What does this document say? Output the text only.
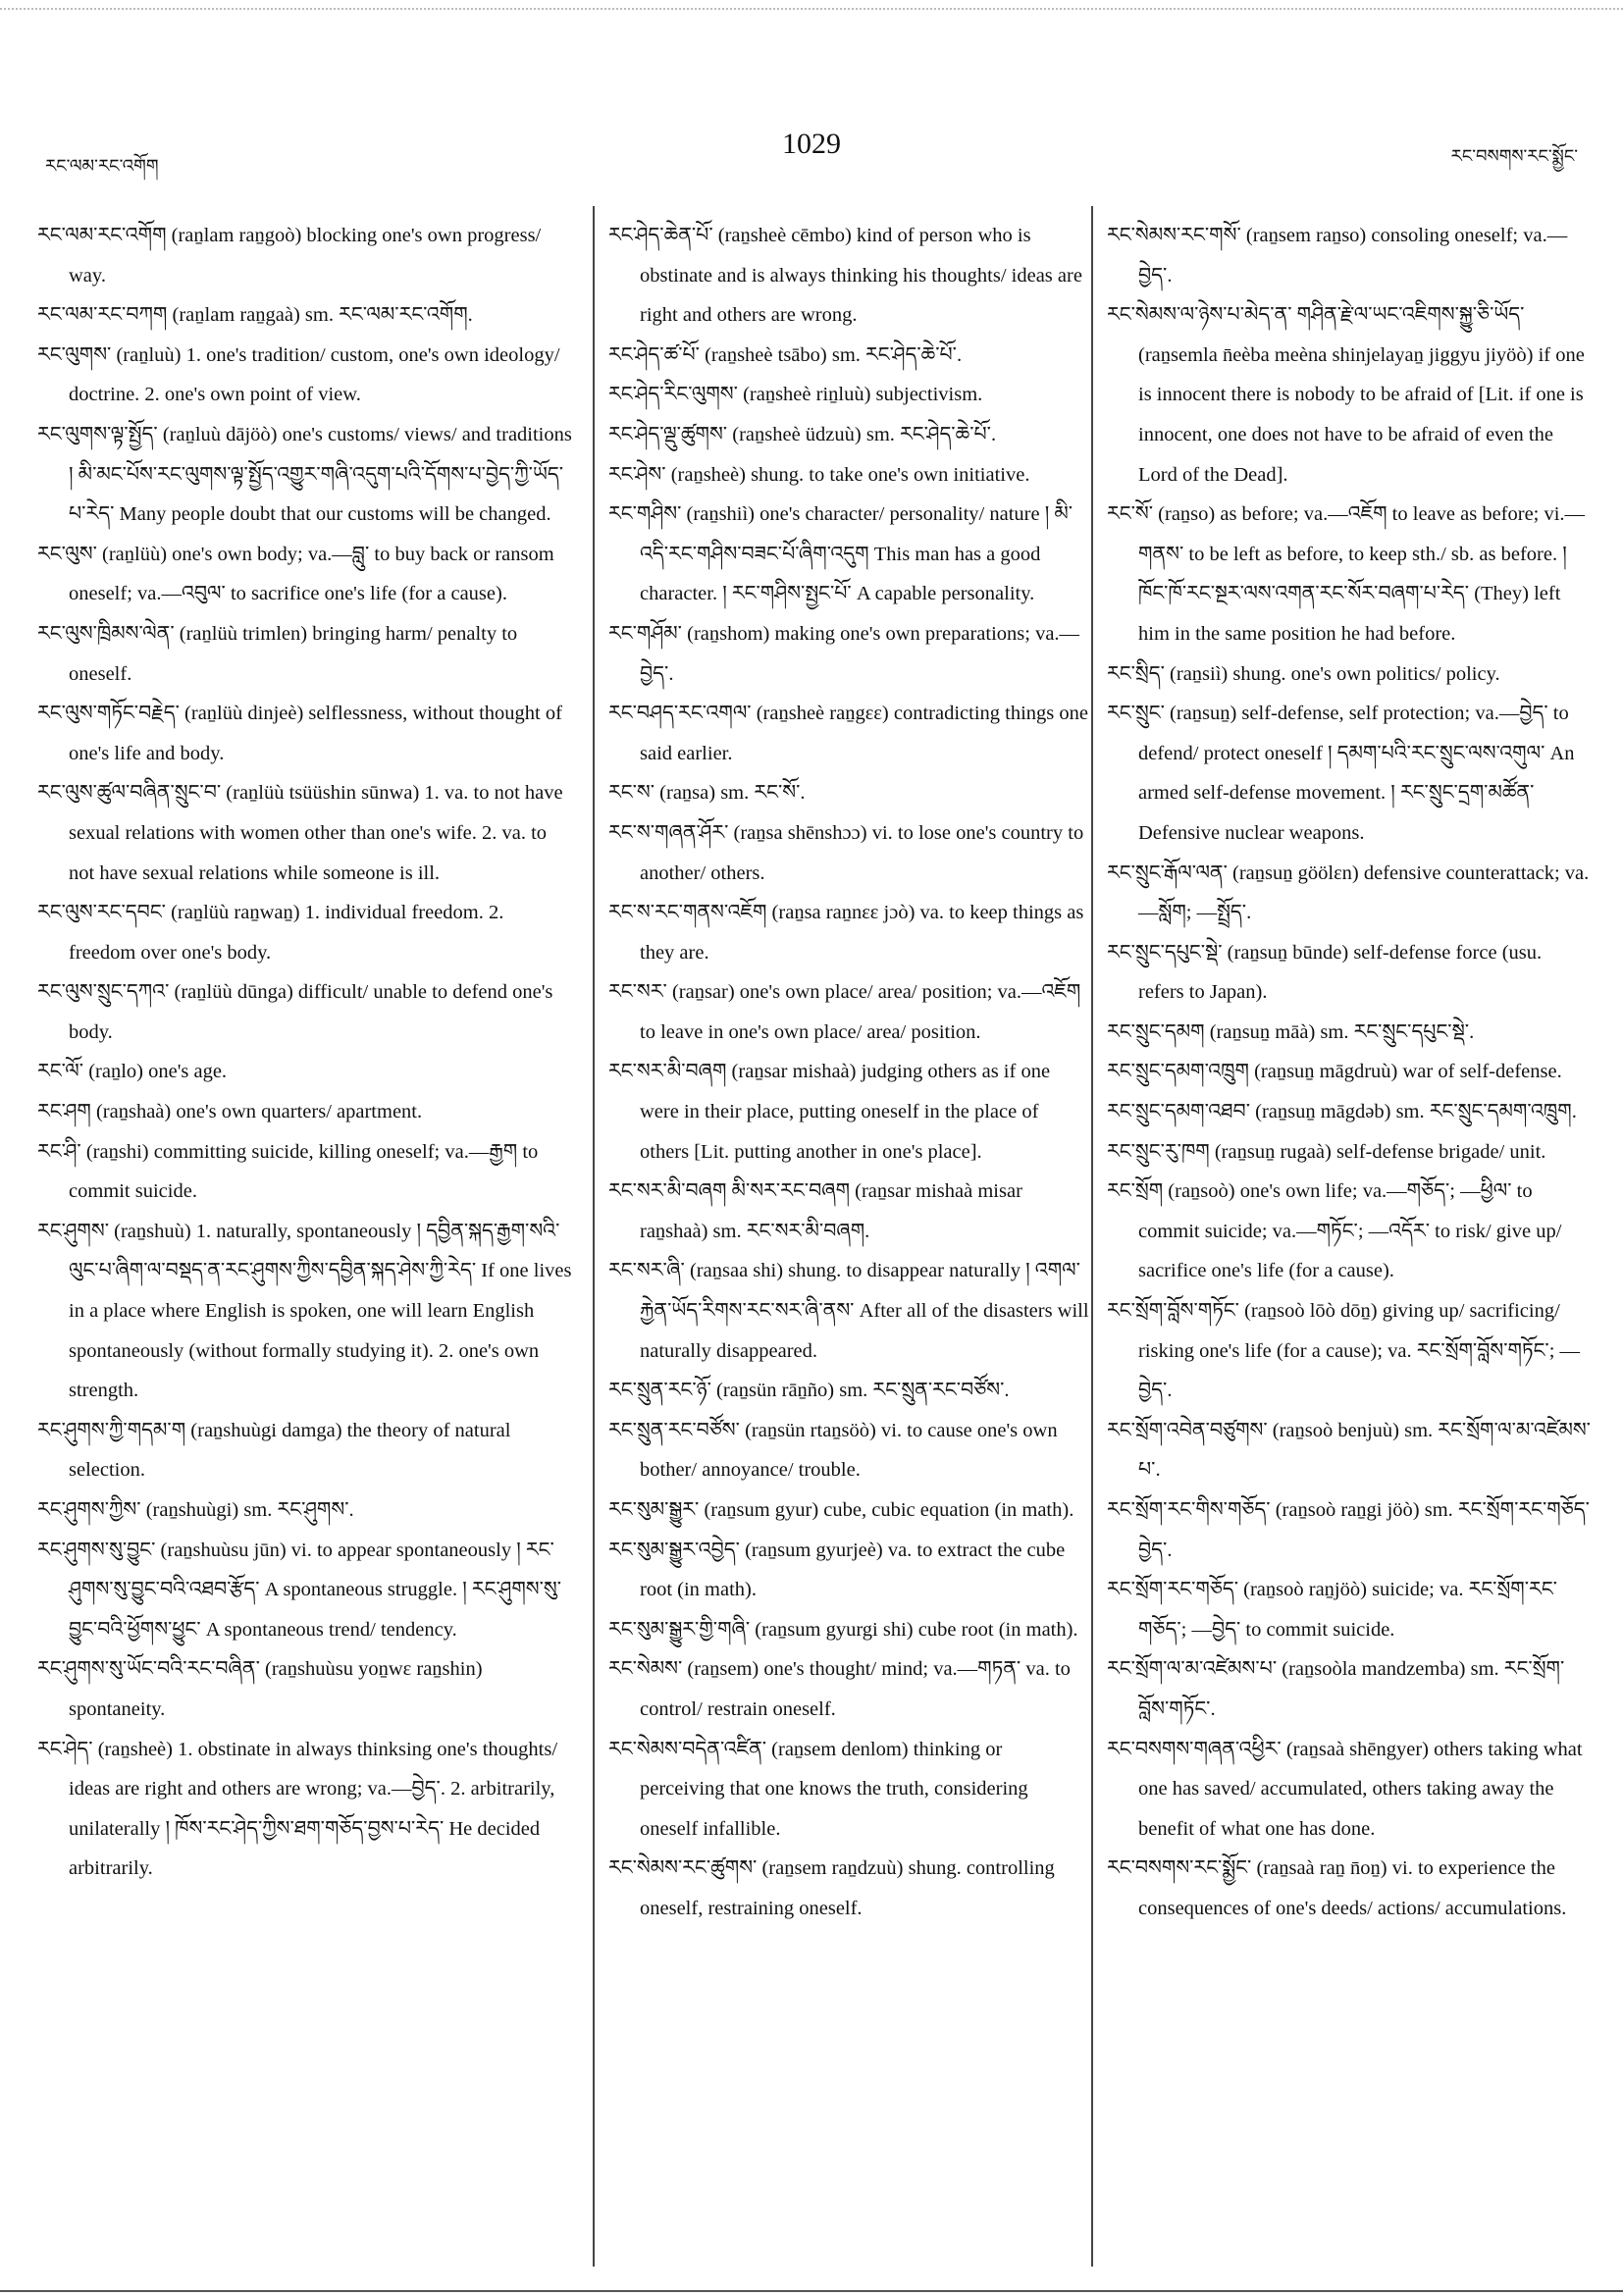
རང་ལམ་རང་འགོག
1029	རང་བསགས་རང་སྨྱོང་

རང་ལམ་རང་འགོག (raṉlam raṉgoò) blocking one's own progress/ way.

རང་ལམ་རང་བཀག (raṉlam raṉgaà) sm. རང་ལམ་རང་འགོག.

རང་ལུགས་ (raṉluù) 1. one's tradition/ custom, one's own ideology/ doctrine. 2. one's own point of view.

རང་ལུགས་ལྟ་སྤྱོད་ (raṉluù dājöò) one's customs/ views/ and traditions ། མི་མང་པོས་རང་ལུགས་ལྟ་སྤྱོད་འགྱུར་གཞི་འདུག་པའི་དོགས་པ་བྱེད་ཀྱི་ཡོད་པ་རེད་ Many people doubt that our customs will be changed.

རང་ལུས་ (raṉlüù) one's own body; va.—བླུ་ to buy back or ransom oneself; va.—འབུལ་ to sacrifice one's life (for a cause).

རང་ལུས་ཁྲིམས་ལེན་ (raṉlüù trimlen) bringing harm/ penalty to oneself.

རང་ལུས་གཏོང་བརྗེད་ (raṉlüù dinjeè) selflessness, without thought of one's life and body.

རང་ལུས་ཚུལ་བཞིན་སྲུང་བ་ (raṉlüù tsüüshin sūnwa) 1. va. to not have sexual relations with women other than one's wife. 2. va. to not have sexual relations while someone is ill.

རང་ལུས་རང་དབང་ (raṉlüù raṉwaṉ) 1. individual freedom. 2. freedom over one's body.

རང་ལུས་སྲུང་དཀའ་ (raṉlüù dūnga) difficult/ unable to defend one's body.

རང་ལོ་ (raṉlo) one's age.

རང་ཤག (raṉshaà) one's own quarters/ apartment.

རང་ཤི་ (raṉshi) committing suicide, killing oneself; va.—རྒྱག to commit suicide.

རང་ཤུགས་ (raṉshuù) 1. naturally, spontaneously ། དབྱིན་སྐད་རྒྱག་སའི་ལུང་པ་ཞིག་ལ་བསྡད་ན་རང་ཤུགས་ཀྱིས་དབྱིན་སྐད་ཤེས་ཀྱི་རེད་ If one lives in a place where English is spoken, one will learn English spontaneously (without formally studying it). 2. one's own strength.

རང་ཤུགས་ཀྱི་གདམ་ག (raṉshuùgi damga) the theory of natural selection.

རང་ཤུགས་ཀྱིས་ (raṉshuùgi) sm. རང་ཤུགས་.

རང་ཤུགས་སུ་བྱུང་ (raṉshuùsu jūn) vi. to appear spontaneously ། རང་ཤུགས་སུ་བྱུང་བའི་འཐབ་རྩོད་ A spontaneous struggle. ། རང་ཤུགས་སུ་བྱུང་བའི་ཕྱོགས་ཕྱུང་ A spontaneous trend/ tendency.

རང་ཤུགས་སུ་ཡོང་བའི་རང་བཞིན་ (raṉshuùsu yoṉwɛ raṉshin) spontaneity.

རང་ཤེད་ (raṉsheè) 1. obstinate in always thinksing one's thoughts/ ideas are right and others are wrong; va.—བྱེད་. 2. arbitrarily, unilaterally ། ཁོས་རང་ཤེད་ཀྱིས་ཐག་གཅོད་བྱས་པ་རེད་ He decided arbitrarily.

རང་ཤེད་ཆེན་པོ་ (raṉsheè cēmbo) kind of person who is obstinate and is always thinking his thoughts/ ideas are right and others are wrong.

རང་ཤེད་ཚ་པོ་ (raṉsheè tsābo) sm. རང་ཤེད་ཆེ་པོ་.

རང་ཤེད་རིང་ལུགས་ (raṉsheè riṉluù) subjectivism.

རང་ཤེད་ལྡུ་ཚུགས་ (raṉsheè üdzuù) sm. རང་ཤེད་ཆེ་པོ་.

རང་ཤེས་ (raṉsheè) shung. to take one's own initiative.

རང་གཤིས་ (raṉshiì) one's character/ personality/ nature ། མི་འདི་རང་གཤིས་བཟང་པོ་ཞིག་འདུག This man has a good character. ། རང་གཤིས་སྤྱང་པོ་ A capable personality.

རང་གཤོམ་ (raṉshom) making one's own preparations; va.—བྱེད་.

རང་བཤད་རང་འགལ་ (raṉsheè raṉgɛɛ) contradicting things one said earlier.

རང་ས་ (raṉsa) sm. རང་སོ་.

རང་ས་གཞན་ཤོར་ (raṉsa shēnshɔɔ) vi. to lose one's country to another/ others.

རང་ས་རང་གནས་འཇོག (raṉsa raṉnɛɛ jɔò) va. to keep things as they are.

རང་སར་ (raṉsar) one's own place/ area/ position; va.—འཇོག to leave in one's own place/ area/ position.

རང་སར་མི་བཞག (raṉsar mishaà) judging others as if one were in their place, putting oneself in the place of others [Lit. putting another in one's place].

རང་སར་མི་བཞག མི་སར་རང་བཞག (raṉsar mishaà misar raṉshaà) sm. རང་སར་མི་བཞག.

རང་སར་ཞི་ (raṉsaa shi) shung. to disappear naturally ། འགལ་རྐྱེན་ཡོད་རིགས་རང་སར་ཞི་ནས་ After all of the disasters will naturally disappeared.

རང་སྲུན་རང་ཉོ་ (raṉsün rāṉño) sm. རང་སྲུན་རང་བཙོས་.

རང་སྲུན་རང་བཙོས་ (raṉsün rtaṉsöò) vi. to cause one's own bother/ annoyance/ trouble.

རང་སུམ་སྒྱུར་ (raṉsum gyur) cube, cubic equation (in math).

རང་སུམ་སྒྱུར་འབྱེད་ (raṉsum gyurjeè) va. to extract the cube root (in math).

རང་སུམ་སྒྱུར་གྱི་གཞི་ (raṉsum gyurgi shi) cube root (in math).

རང་སེམས་ (raṉsem) one's thought/ mind; va.—གཏན་ va. to control/ restrain oneself.

རང་སེམས་བདེན་འཛིན་ (raṉsem denlom) thinking or perceiving that one knows the truth, considering oneself infallible.

རང་སེམས་རང་ཚུགས་ (raṉsem raṉdzuù) shung. controlling oneself, restraining oneself.

རང་སེམས་རང་གསོ་ (raṉsem raṉso) consoling oneself; va.—བྱེད་.

རང་སེམས་ལ་ཉེས་པ་མེད་ན་ གཤིན་རྗེ་ལ་ཡང་འཇིགས་སྐྱུ་ཅི་ཡོད་ (raṉsemla n̄eèba meèna shinjelayaṉ jiggyu jiyöò) if one is innocent there is nobody to be afraid of [Lit. if one is innocent, one does not have to be afraid of even the Lord of the Dead].

རང་སོ་ (raṉso) as before; va.—འཇོག to leave as before; vi.—གནས་ to be left as before, to keep sth./ sb. as before. ། ཁོང་ཁོ་རང་སྔར་ལས་འགན་རང་སོར་བཞག་པ་རེད་ (They) left him in the same position he had before.

རང་སྲིད་ (raṉsiì) shung. one's own politics/ policy.

རང་སྲུང་ (raṉsuṉ) self-defense, self protection; va.—བྱེད་ to defend/ protect oneself ། དམག་པའི་རང་སྲུང་ལས་འགུལ་ An armed self-defense movement. ། རང་སྲུང་དྲག་མཚོན་ Defensive nuclear weapons.

རང་སྲུང་རྒོལ་ལན་ (raṉsuṉ göölɛn) defensive counterattack; va.—སློག; —སྤྲོད་.

རང་སྲུང་དཔུང་སྡེ་ (raṉsuṉ būnde) self-defense force (usu. refers to Japan).

རང་སྲུང་དམག (raṉsuṉ māà) sm. རང་སྲུང་དཔུང་སྡེ་.

རང་སྲུང་དམག་འཁྲུག (raṉsuṉ māgdruù) war of self-defense.

རང་སྲུང་དམག་འཐབ་ (raṉsuṉ māgdəb) sm. རང་སྲུང་དམག་འཁྲུག.

རང་སྲུང་རུ་ཁག (raṉsuṉ rugaà) self-defense brigade/ unit.

རང་སྲོག (raṉsoò) one's own life; va.—གཅོད་; —ཕྱིལ་ to commit suicide; va.—གཏོང་; —འདོར་ to risk/ give up/ sacrifice one's life (for a cause).

རང་སྲོག་བློས་གཏོང་ (raṉsoò lōò dōṉ) giving up/ sacrificing/ risking one's life (for a cause); va. རང་སྲོག་བློས་གཏོང་; —བྱེད་.

རང་སྲོག་འབེན་བཙུགས་ (raṉsoò benjuù) sm. རང་སྲོག་ལ་མ་འཛེམས་པ་.

རང་སྲོག་རང་གིས་གཅོད་ (raṉsoò raṉgi jöò) sm. རང་སྲོག་རང་གཅོད་བྱེད་.

རང་སྲོག་རང་གཅོད་ (raṉsoò raṉjöò) suicide; va. རང་སྲོག་རང་གཅོད་; —བྱེད་ to commit suicide.

རང་སྲོག་ལ་མ་འཛེམས་པ་ (raṉsoòla mandzemba) sm. རང་སྲོག་བློས་གཏོང་.

རང་བསགས་གཞན་འཕྱིར་ (raṉsaà shēngyer) others taking what one has saved/ accumulated, others taking away the benefit of what one has done.

རང་བསགས་རང་སྨྱོང་ (raṉsaà raṉ n̄oṉ) vi. to experience the consequences of one's deeds/ actions/ accumulations.
